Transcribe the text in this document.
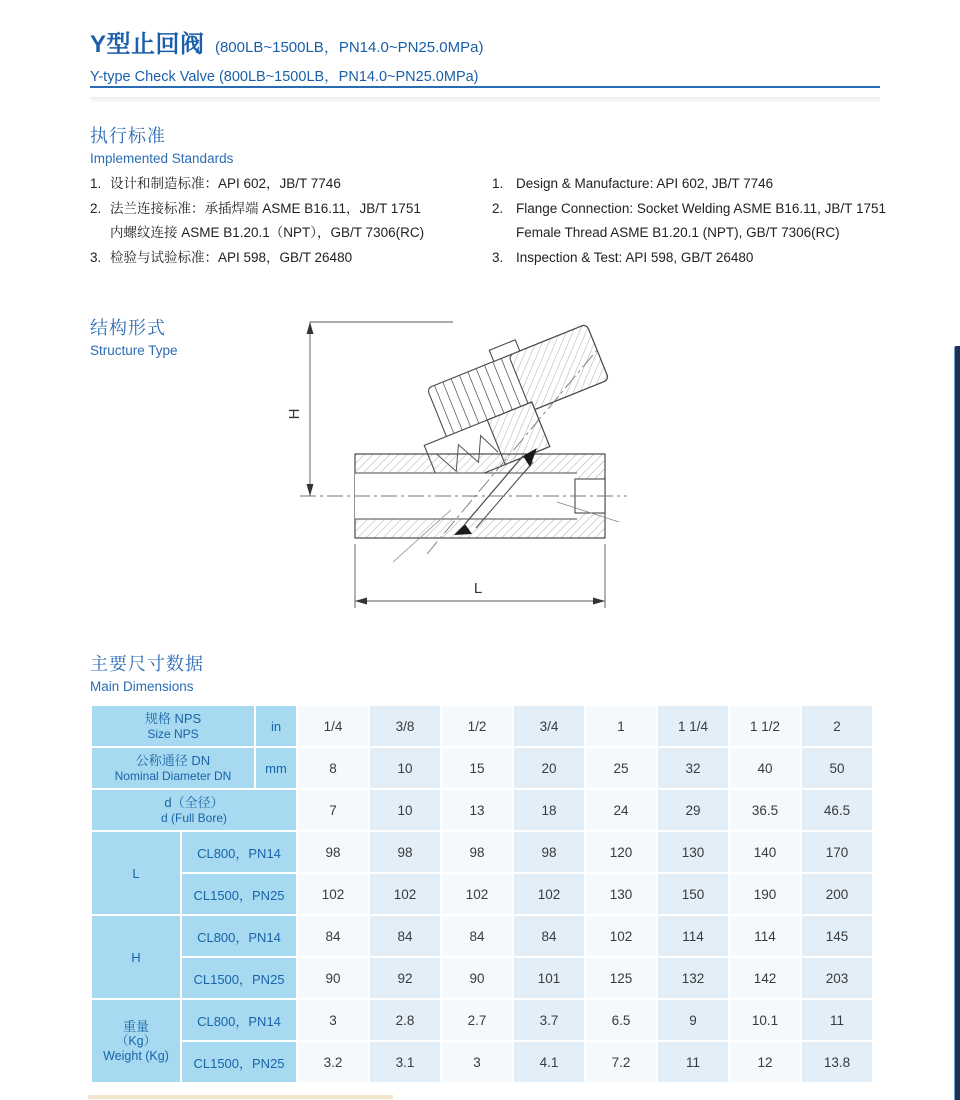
Y型止回阀 (800LB~1500LB，PN14.0~PN25.0MPa)
Y-type Check Valve (800LB~1500LB，PN14.0~PN25.0MPa)
执行标准
Implemented Standards
1. 设计和制造标准：API 602，JB/T 7746
2. 法兰连接标准：承插焊端 ASME B16.11，JB/T 1751
内螺纹连接 ASME B1.20.1（NPT），GB/T 7306(RC)
3. 检验与试验标准：API 598，GB/T 26480
1. Design & Manufacture: API 602, JB/T 7746
2. Flange Connection: Socket Welding ASME B16.11, JB/T 1751
Female Thread ASME B1.20.1 (NPT), GB/T 7306(RC)
3. Inspection & Test: API 598, GB/T 26480
结构形式
Structure Type
H
L
主要尺寸数据
Main Dimensions
规格 NPS
Size NPS		in	1/4	3/8	1/2	3/4	1	1 1/4	1 1/2	2

公称通径 DN
Nominal Diameter DN		mm	8	10	15	20	25	32	40	50

d（全径）
d (Full Bore)			7	10	13	18	24	29	36.5	46.5

L	CL800，PN14		98	98	98	98	120	130	140	170
	CL1500，PN25		102	102	102	102	130	150	190	200

H	CL800，PN14		84	84	84	84	102	114	114	145
	CL1500，PN25		90	92	90	101	125	132	142	203

重量
（Kg）
Weight (Kg)	CL800，PN14		3	2.8	2.7	3.7	6.5	9	10.1	11
	CL1500，PN25		3.2	3.1	3	4.1	7.2	11	12	13.8
